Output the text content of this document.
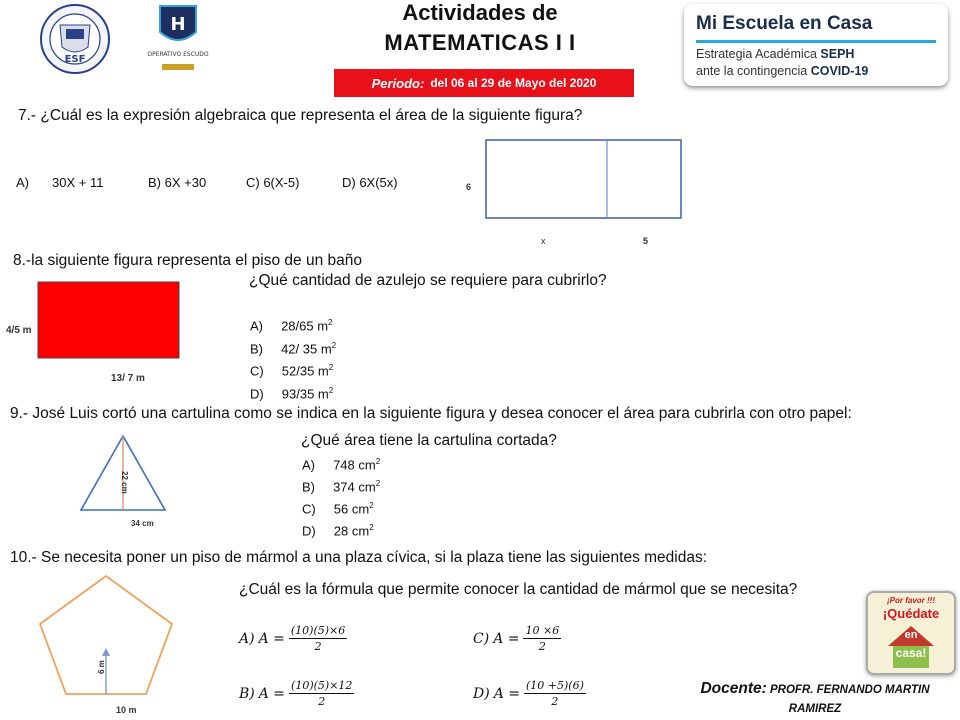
ESF
H
OPERATIVO ESCUDO
Actividades de
MATEMATICAS I I
Periodo: del 06 al 29 de Mayo del 2020
Mi Escuela en Casa
Estrategia Académica SEPH
ante la contingencia COVID-19
7.- ¿Cuál es la expresión algebraica que representa el área de la siguiente figura?
A) 30X + 11	B) 6X +30	C) 6(X-5)	D) 6X(5x)	6
x	5
8.-la siguiente figura representa el piso de un baño
¿Qué cantidad de azulejo se requiere para cubrirlo?
4/5 m
13/ 7 m
A) 28/65 $m^2$
B) 42/ 35 $m^2$
C) 52/35 $m^2$
D) 93/35 $m^2$
9.- José Luis cortó una cartulina como se indica en la siguiente figura y desea conocer el área para cubrirla con otro papel:
¿Qué área tiene la cartulina cortada?
22 cm
34 cm
A) 748 $cm^2$
B) 374 $cm^2$
C) 56 $cm^2$
D) 28 $cm^2$
10.- Se necesita poner un piso de mármol a una plaza cívica, si la plaza tiene las siguientes medidas:
¿Cuál es la fórmula que permite conocer la cantidad de mármol que se necesita?
6 m
10 m
A) $A = \frac{(10)(5)\times 6}{2}$	C) $A = \frac{10 \times 6}{2}$
B) $A = \frac{(10)(5)\times 12}{2}$	D) $A = \frac{(10 +5)(6)}{2}$
¡Por favor !!!
¡Quédate
en
casa!
Docente: PROFR. FERNANDO MARTIN
RAMIREZ
